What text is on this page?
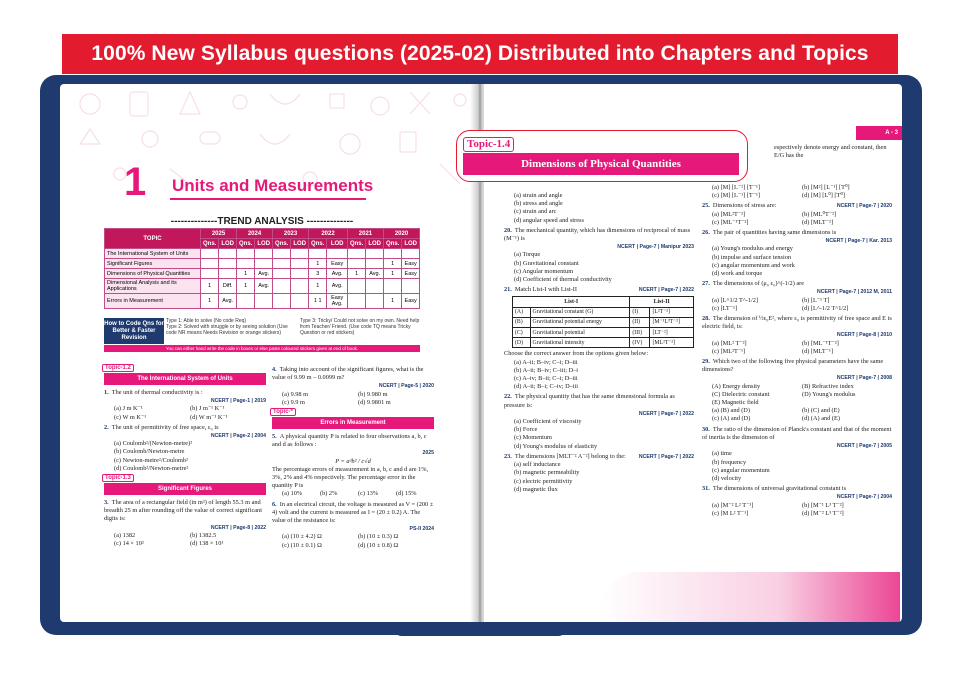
100% New Syllabus questions (2025-02) Distributed into Chapters and Topics
1 Units and Measurements
--------------TREND ANALYSIS --------------
TOPIC	2025		2024		2023		2022		2021		2020	
	Qns.	LOD	Qns.	LOD	Qns.	LOD	Qns.	LOD	Qns.	LOD	Qns.	LOD
The International System of Units												
Significant Figures							1	Easy			1	Easy
Dimensions of Physical Quantities			1	Avg.			3	Avg.	1	Avg.	1	Easy
Dimensional Analysis and its Applications	1	Diff.	1	Avg.			1	Avg.				
Errors in Measurement	1	Avg.					1 1	Easy Avg.			1	Easy
How to Code Qns for Better & Faster Revision
Type 1: Able to solve (No code Req)
Type 2: Solved with struggle or by seeing solution (Use code NR means Needs Revision or orange stickers)
Type 3: Tricky/ Could not solve on my own. Need help from Teacher/ Friend. (Use code TQ means Tricky Question or red stickers)
You can either hand write the code in boxes or else paste coloured stickers given at end of book.
Topic-1.2
The International System of Units
1. The unit of thermal conductivity is :
NCERT | Page-1 | 2019
(a) J m K⁻¹	(b) J m⁻¹ K⁻¹
(c) W m K⁻¹	(d) W m⁻¹ K⁻¹
2. The unit of permittivity of free space, ε₀ is
NCERT | Page-2 | 2004
(a) Coulomb²/(Newton-metre)²
(b) Coulomb/Newton-metre
(c) Newton-metre²/Coulomb²
(d) Coulomb²/Newton-metre²
Topic-1.3
Significant Figures
3. The area of a rectangular field (in m²) of length 55.3 m and breadth 25 m after rounding off the value of correct significant digits is:
NCERT | Page-8 | 2022
(a) 1382	(b) 1382.5
(c) 14 × 10²	(d) 138 × 10¹
4. Taking into account of the significant figures, what is the value of 9.99 m – 0.0099 m?
NCERT | Page-5 | 2020
(a) 9.98 m	(b) 9.980 m
(c) 9.9 m	(d) 9.9801 m
Topic-*
Errors in Measurement
5. A physical quantity P is related to four observations a, b, c and d as follows :
2025
P = a³b² / c√d
The percentage errors of measurement in a, b, c and d are 1%, 3%, 2% and 4% respectively. The percentage error in the quantity P is
(a) 10%	(b) 2%	(c) 13%	(d) 15%
6. In an electrical circuit, the voltage is measured as V = (200 ± 4) volt and the current is measured as I = (20 ± 0.2) A. The value of the resistance is:
PS-II 2024
(a) (10 ± 4.2) Ω	(b) (10 ± 0.3) Ω
(c) (10 ± 0.1) Ω	(d) (10 ± 0.8) Ω
espectively denote energy and constant, then E/G has the
(a) strain and angle
(b) stress and angle
(c) strain and arc
(d) angular speed and stress
20. The mechanical quantity, which has dimensions of reciprocal of mass (M⁻¹) is
NCERT | Page-7 | Manipur 2023
(a) Torque
(b) Gravitational constant
(c) Angular momentum
(d) Coefficient of thermal conductivity
21. Match List-I with List-II	NCERT | Page-7 | 2022
List-I		List-II	
(A)	Gravitational constant (G)	(I)	[L²T⁻²]
(B)	Gravitational potential energy	(II)	[M⁻¹L³T⁻²]
(C)	Gravitational potential	(III)	[LT⁻²]
(D)	Gravitational intensity	(IV)	[ML²T⁻²]
Choose the correct answer from the options given below:
(a) A–ii; B–iv; C–i; D–iii
(b) A–ii; B–iv; C–iii; D–i
(c) A–iv; B–ii; C–i; D–iii
(d) A–ii; B–i; C–iv; D–iii
22. The physical quantity that has the same dimensional formula as pressure is:
NCERT | Page-7 | 2022
(a) Coefficient of viscosity
(b) Force
(c) Momentum
(d) Young's modulus of elasticity
23. The dimensions [MLT⁻² A⁻²] belong to the:	NCERT | Page-7 | 2022
(a) self inductance
(b) magnetic permeability
(c) electric permittivity
(d) magnetic flux
(a) [M] [L⁻²] [T⁻¹]	(b) [M²] [L⁻¹] [T⁰]
(c) [M] [L⁻¹] [T⁻¹]	(d) [M] [L⁰] [T⁰]
25. Dimensions of stress are:	NCERT | Page-7 | 2020
(a) [ML²T⁻²]	(b) [ML⁰T⁻²]
(c) [ML⁻¹T⁻²]	(d) [MLT⁻²]
26. The pair of quantities having same dimensions is
NCERT | Page-7 | Kar. 2013
(a) Young's modulus and energy
(b) impulse and surface tension
(c) angular momentum and work
(d) work and torque
27. The dimensions of (μ₀ ε₀)^(-1/2) are
NCERT | Page-7 | 2012 M, 2011
(a) [L^1/2 T^-1/2]	(b) [L⁻¹ T]
(c) [LT⁻¹]	(d) [L^-1/2 T^1/2]
28. The dimension of ½ε₀E², where ε₀ is permittivity of free space and E is electric field, is:
NCERT | Page-8 | 2010
(a) [ML² T⁻²]	(b) [ML⁻¹T⁻²]
(c) [ML²T⁻¹]	(d) [MLT⁻¹]
29. Which two of the following five physical parameters have the same dimensions?
NCERT | Page-7 | 2008
(A) Energy density	(B) Refractive index
(C) Dielectric constant	(D) Young's modulus
(E) Magnetic field
(a) (B) and (D)	(b) (C) and (E)
(c) (A) and (D)	(d) (A) and (E)
30. The ratio of the dimension of Planck's constant and that of the moment of inertia is the dimension of
NCERT | Page-7 | 2005
(a) time
(b) frequency
(c) angular momentum
(d) velocity
31. The dimensions of universal gravitational constant is
NCERT | Page-7 | 2004
(a) [M⁻² L² T⁻¹]	(b) [M⁻¹ L³ T⁻²]
(c) [M L² T⁻¹]	(d) [M⁻² L³ T⁻²]
A - 3
Topic-1.4
Dimensions of Physical Quantities
